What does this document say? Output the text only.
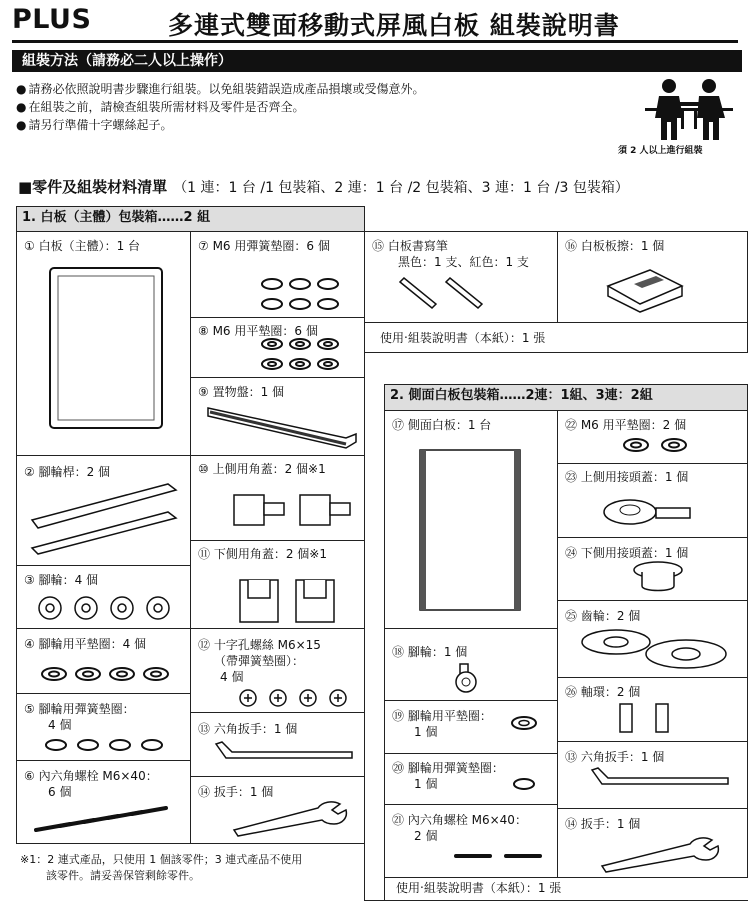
PLUS	多連式雙面移動式屏風白板 組裝說明書
組裝方法（請務必二人以上操作）
● 請務必依照說明書步驟進行組裝。以免組裝錯誤造成產品損壞或受傷意外。
● 在組裝之前，請檢查組裝所需材料及零件是否齊全。
● 請另行準備十字螺絲起子。
須 2 人以上進行組裝
■零件及組裝材料清單 （1 連：1 台 /1 包裝箱、2 連：1 台 /2 包裝箱、3 連：1 台 /3 包裝箱）
1. 白板（主體）包裝箱……2 組
① 白板（主體）：1 台
② 腳輪桿：2 個
③ 腳輪：4 個
④ 腳輪用平墊圈：4 個
⑤ 腳輪用彈簧墊圈：
4 個
⑥ 內六角螺栓 M6×40：
6 個
⑦ M6 用彈簧墊圈：6 個
⑧ M6 用平墊圈：6 個
⑨ 置物盤：1 個
⑩ 上側用角蓋：2 個※1
⑪ 下側用角蓋：2 個※1
⑫ 十字孔螺絲 M6×15
（帶彈簧墊圈）：
4 個
⑬ 六角扳手：1 個
⑭ 扳手：1 個
⑮ 白板書寫筆
黑色：1 支、紅色：1 支
⑯ 白板板擦：1 個
使用‧組裝說明書（本紙）：1 張
2. 側面白板包裝箱……2連：1組、3連：2組
⑰ 側面白板：1 台
⑱ 腳輪：1 個
⑲ 腳輪用平墊圈：
1 個
⑳ 腳輪用彈簧墊圈：
1 個
㉑ 內六角螺栓 M6×40：
2 個
㉒ M6 用平墊圈：2 個
㉓ 上側用接頭蓋：1 個
㉔ 下側用接頭蓋：1 個
㉕ 齒輪：2 個
㉖ 軸環：2 個
⑬ 六角扳手：1 個
⑭ 扳手：1 個
使用‧組裝說明書（本紙）：1 張
※1：2 連式產品，只使用 1 個該零件；3 連式產品不使用
該零件。請妥善保管剩餘零件。
